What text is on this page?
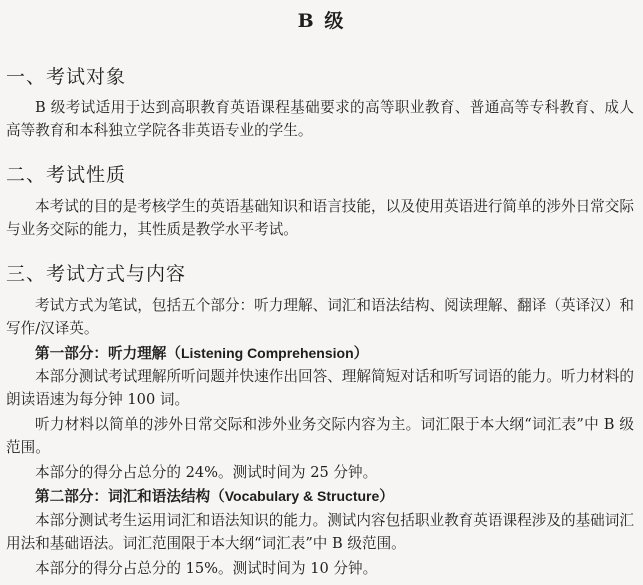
B 级
一、考试对象
B 级考试适用于达到高职教育英语课程基础要求的高等职业教育、普通高等专科教育、成人高等教育和本科独立学院各非英语专业的学生。
二、考试性质
本考试的目的是考核学生的英语基础知识和语言技能，以及使用英语进行简单的涉外日常交际与业务交际的能力，其性质是教学水平考试。
三、考试方式与内容
考试方式为笔试，包括五个部分：听力理解、词汇和语法结构、阅读理解、翻译（英译汉）和写作/汉译英。
第一部分：听力理解（Listening Comprehension）
本部分测试考试理解所听问题并快速作出回答、理解简短对话和听写词语的能力。听力材料的朗读语速为每分钟 100 词。
听力材料以简单的涉外日常交际和涉外业务交际内容为主。词汇限于本大纲“词汇表”中 B 级范围。
本部分的得分占总分的 24%。测试时间为 25 分钟。
第二部分：词汇和语法结构（Vocabulary & Structure）
本部分测试考生运用词汇和语法知识的能力。测试内容包括职业教育英语课程涉及的基础词汇用法和基础语法。词汇范围限于本大纲“词汇表”中 B 级范围。
本部分的得分占总分的 15%。测试时间为 10 分钟。
